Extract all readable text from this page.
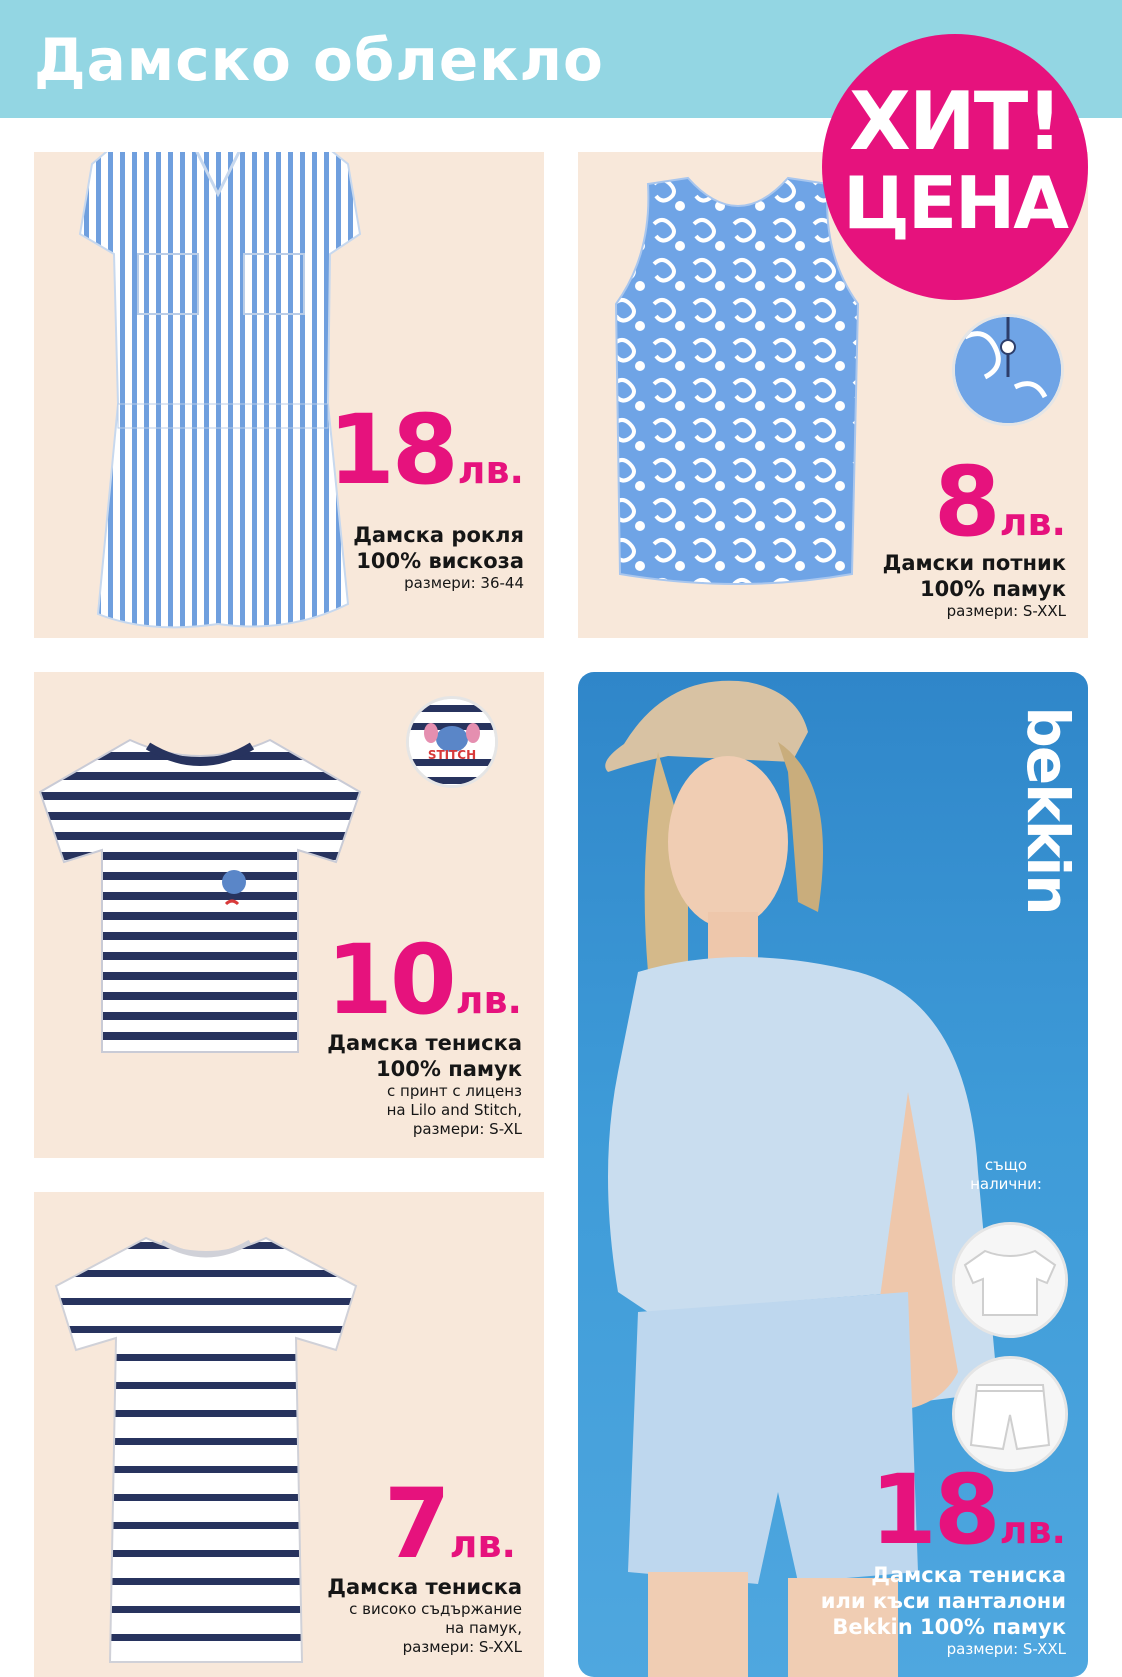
Дамско облекло
18лв.
Дамска рокля
100% вискоза
размери: 36-44
8лв.
Дамски потник
100% памук
размери: S-XXL
ХИТ!
ЦЕНА
STITCH
10лв.
Дамска тениска
100% памук
с принт с лиценз
на Lilo and Stitch,
размери: S-XL
7лв.
Дамска тениска
с високо съдържание
на памук,
размери: S-XXL
18лв.
Дамска тениска
или къси панталони
Bekkin 100% памук
размери: S-XXL
bekkin
също
налични:
